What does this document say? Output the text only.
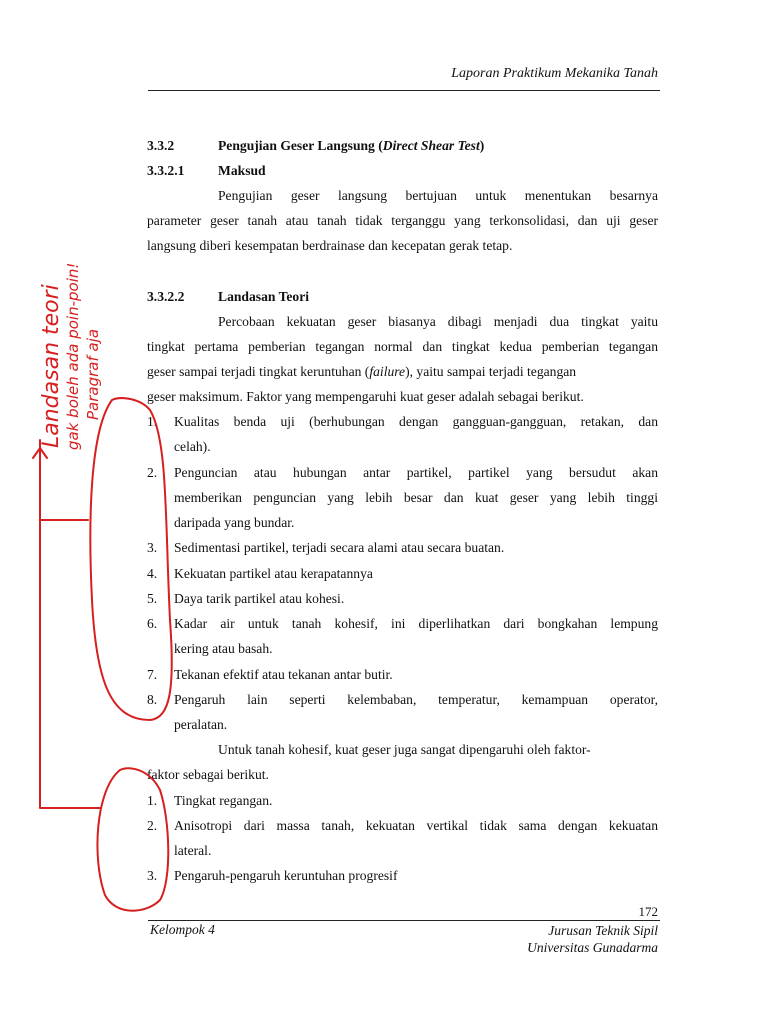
Laporan Praktikum Mekanika Tanah
3.3.2	Pengujian Geser Langsung (Direct Shear Test)
3.3.2.1 Maksud
Pengujian geser langsung bertujuan untuk menentukan besarnya
parameter geser tanah atau tanah tidak terganggu yang terkonsolidasi, dan uji geser
langsung diberi kesempatan berdrainase dan kecepatan gerak tetap.
3.3.2.2 Landasan Teori
Percobaan kekuatan geser biasanya dibagi menjadi dua tingkat yaitu
tingkat pertama pemberian tegangan normal dan tingkat kedua pemberian tegangan
geser sampai terjadi tingkat keruntuhan (failure), yaitu sampai terjadi tegangan
geser maksimum. Faktor yang mempengaruhi kuat geser adalah sebagai berikut.
1. Kualitas benda uji (berhubungan dengan gangguan-gangguan, retakan, dan
celah).
2. Penguncian atau hubungan antar partikel, partikel yang bersudut akan
memberikan penguncian yang lebih besar dan kuat geser yang lebih tinggi
daripada yang bundar.
3. Sedimentasi partikel, terjadi secara alami atau secara buatan.
4. Kekuatan partikel atau kerapatannya
5. Daya tarik partikel atau kohesi.
6. Kadar air untuk tanah kohesif, ini diperlihatkan dari bongkahan lempung
kering atau basah.
7. Tekanan efektif atau tekanan antar butir.
8. Pengaruh lain seperti kelembaban, temperatur, kemampuan operator,
peralatan.
Untuk tanah kohesif, kuat geser juga sangat dipengaruhi oleh faktor-
faktor sebagai berikut.
1. Tingkat regangan.
2. Anisotropi dari massa tanah, kekuatan vertikal tidak sama dengan kekuatan
lateral.
3. Pengaruh-pengaruh keruntuhan progresif
172
Kelompok 4	Jurusan Teknik Sipil
Universitas Gunadarma
Landasan teori gak boleh ada poin-poin! Paragraf aja
